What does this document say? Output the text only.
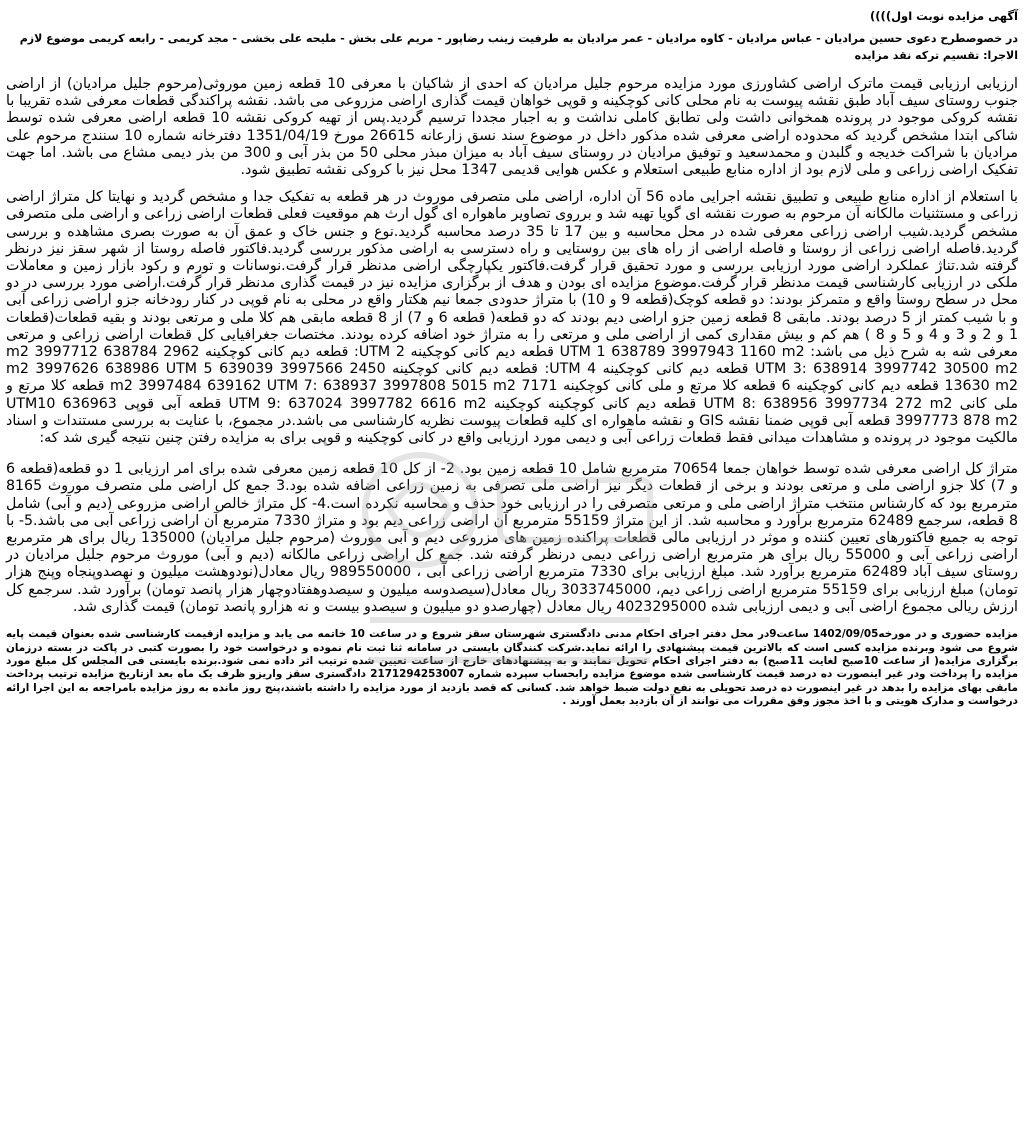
آگهی مزایده نوبت اول))))
در خصوصطرح دعوی حسین مرادیان - عباس مرادیان - کاوه مرادیان - عمر مرادیان به طرفیت زینب رضاپور - مریم علی بخش - ملیحه علی بخشی - مجد کریمی - رابعه کریمی موضوع لازم الاجرا: تقسیم ترکه نقد مزایده
ارزیابی ارزیابی قیمت ماترک اراضی کشاورزی مورد مزایده مرحوم جلیل مرادیان که احدی از شاکیان با معرفی 10 قطعه زمین موروثی(مرحوم جلیل مرادیان) از اراضی جنوب روستای سیف آباد طبق نقشه پیوست به نام محلی کانی کوچکینه و قوپی خواهان قیمت گذاری اراضی مزروعی می باشد. نقشه پراکندگی قطعات معرفی شده تقریبا با نقشه کروکی موجود در پرونده همخوانی داشت ولی تطابق کاملی نداشت و به اجبار مجددا ترسیم گردید.پس از تهیه کروکی نقشه 10 قطعه اراضی معرفی شده توسط شاکی ابتدا مشخص گردید که محدوده اراضی معرفی شده مذکور داخل در موضوع سند نسق زارعانه 26615 مورخ 1351/04/19 دفترخانه شماره 10 سنندج مرحوم علی مرادیان با شراکت خدیجه و گلبدن و محمدسعید و توفیق مرادیان در روستای سیف آباد به میزان مبذر محلی 50 من بذر آبی و 300 من بذر دیمی مشاع می باشد. اما جهت تفکیک اراضی زراعی و ملی لازم بود از اداره منابع طبیعی استعلام و عکس هوایی قدیمی 1347 محل نیز با کروکی نقشه تطبیق شود.
با استعلام از اداره منابع طبیعی و تطبیق نقشه اجرایی ماده 56 آن اداره، اراضی ملی متصرفی موروث در هر قطعه به تفکیک جدا و مشخص گردید و نهایتا کل متراژ اراضی زراعی و مستثنیات مالکانه آن مرحوم به صورت نقشه ای گویا تهیه شد و برروی تصاویر ماهواره ای گول ارث هم موقعیت فعلی قطعات اراضی زراعی و اراضی ملی متصرفی مشخص گردید.شیب اراضی زراعی معرفی شده در محل محاسبه و بین 17 تا 35 درصد محاسبه گردید.نوع و جنس خاک و عمق آن به صورت بصری مشاهده و بررسی گردید.فاصله اراضی زراعی از روستا و فاصله اراضی از راه های بین روستایی و راه دسترسی به اراضی مذکور بررسی گردید.فاکتور فاصله روستا از شهر سقز نیز درنظر گرفته شد.تناژ عملکرد اراضی مورد ارزیابی بررسی و مورد تحقیق قرار گرفت.فاکتور یکپارچگی اراضی مدنظر قرار گرفت.نوسانات و تورم و رکود بازار زمین و معاملات ملکی در ارزیابی کارشناسی قیمت مدنظر قرار گرفت.موضوع مزایده ای بودن و هدف از برگزاری مزایده نیز در قیمت گذاری مدنظر قرار گرفت.اراضی مورد بررسی در دو محل در سطح روستا واقع و متمرکز بودند: دو قطعه کوچک(قطعه 9 و 10) با متراژ حدودی جمعا نیم هکتار واقع در محلی به نام قوپی در کنار رودخانه جزو اراضی زراعی آبی و با شیب کمتر از 5 درصد بودند. مابقی 8 قطعه زمین جزو اراضی دیم بودند که دو قطعه( قطعه 6 و 7) از 8 قطعه مابقی هم کلا ملی و مرتعی بودند و بقیه قطعات(قطعات 1 و 2 و 3 و 4 و 5 و 8 ) هم کم و بیش مقداری کمی از اراضی ملی و مرتعی را به متراژ خود اضافه کرده بودند. مختصات جغرافیایی کل قطعات اراضی زراعی و مرتعی معرفی شه به شرح ذیل می باشد: UTM 1 638789 3997943 1160 m2 قطعه دیم کانی کوچکینه UTM 2: قطعه دیم کانی کوچکینه 2962 m2 3997712 638784 UTM 3: 638914 3997742 30500 m2 قطعه دیم کانی کوچکینه UTM 4: قطعه دیم کانی کوچکینه 2450 m2 3997626 638986 UTM 5 639039 3997566 13630 m2 قطعه دیم کانی کوچکینه 6 قطعه کلا مرتع و ملی کانی کوچکینه 7171 m2 3997484 639162 UTM 7: 638937 3997808 5015 m2 قطعه کلا مرتع و ملی کانی UTM 8: 638956 3997734 272 m2 قطعه دیم کانی کوچکینه کوچکینه UTM 9: 637024 3997782 6616 m2 قطعه آبی قوپی UTM10 636963 3997773 878 m2 قطعه آبی قوپی ضمنا نقشه GIS و نقشه ماهواره ای کلیه قطعات پیوست نظریه کارشناسی می باشد.در مجموع، با عنایت به بررسی مستندات و اسناد مالکیت موجود در پرونده و مشاهدات میدانی فقط قطعات زراعی آبی و دیمی مورد ارزیابی واقع در کانی کوچکینه و قوپی برای به مزایده رفتن چنین نتیجه گیری شد که:
متراژ کل اراضی معرفی شده توسط خواهان جمعا 70654 مترمربع شامل 10 قطعه زمین بود. 2- از کل 10 قطعه زمین معرفی شده برای امر ارزیابی 1 دو قطعه(قطعه 6 و 7) کلا جزو اراضی ملی و مرتعی بودند و برخی از قطعات دیگر نیز اراضی ملی تصرفی به زمین زراعی اضافه شده بود.3 جمع کل اراضی ملی متصرف موروث 8165 مترمربع بود که کارشناس منتخب متراژ اراضی ملی و مرتعی متصرفی را در ارزیابی خود حذف و محاسبه نکرده است.4- کل متراژ خالص اراضی مزروعی (دیم و آبی) شامل 8 قطعه، سرجمع 62489 مترمربع برآورد و محاسبه شد. از این متراژ 55159 مترمربع آن اراضی زراعی دیم بود و متراژ 7330 مترمربع آن اراضی زراعی آبی می باشد.5- با توجه به جمیع فاکتورهای تعیین کننده و موثر در ارزیابی مالی قطعات پراکنده زمین های مزروعی دیم و آبی موروث (مرحوم جلیل مرادیان) 135000 ریال برای هر مترمربع اراضی زراعی آبی و 55000 ریال برای هر مترمربع اراضی زراعی دیمی درنظر گرفته شد. جمع کل اراضی زراعی مالکانه (دیم و آبی) موروث مرحوم جلیل مرادیان در روستای سیف آباد 62489 مترمربع برآورد شد. مبلغ ارزیابی برای 7330 مترمربع اراضی زراعی آبی ، 989550000 ریال معادل(نودوهشت میلیون و نهصدوپنجاه وپنج هزار تومان) مبلغ ارزیابی برای 55159 مترمربع اراضی زراعی دیم، 3033745000 ریال معادل(سیصدوسه میلیون و سیصدوهفتادوچهار هزار پانصد تومان) برآورد شد. سرجمع کل ارزش ریالی مجموع اراضی آبی و دیمی ارزیابی شده 4023295000 ریال معادل (چهارصدو دو میلیون و سیصدو بیست و نه هزارو پانصد تومان) قیمت گذاری شد.
مزایده حضوری و در مورخه1402/09/05 ساعت9در محل دفتر اجرای احکام مدنی دادگستری شهرستان سقز شروع و در ساعت 10 خاتمه می یابد و مزایده ازقیمت کارشناسی شده بعنوان قیمت پایه شروع می شود وبرنده مزایده کسی است که بالاترین قیمت پیشنهادی را ارائه نماید.شرکت کنندگان بایستی در سامانه ثنا ثبت نام نموده و درخواست خود را بصورت کتبی در پاکت در بسته درزمان برگزاری مزایده( از ساعت 10صبح لغایت 11صبح) به دفتر اجرای احکام تحویل نمایند و به پیشنهادهای خارج از ساعت تعیین شده ترتیب اثر داده نمی شود.برنده بایستی فی المجلس کل مبلغ مورد مزایده را پرداخت ودر غیر اینصورت ده درصد قیمت کارشناسی شده موضوع مزایده رابحساب سپرده شماره 2171294253007 دادگستری سقز واریزو ظرف یک ماه بعد ازتاریخ مزایده ترتیب پرداخت مابقی بهای مزایده را بدهد در غیر اینصورت ده درصد تحویلی به نفع دولت ضبط خواهد شد. کسانی که قصد بازدید از مورد مزایده را داشته باشند،پنج روز مانده به روز مزایده بامراجعه به این اجرا ارائه درخواست و مدارک هویتی و با اخذ مجوز وفق مقررات می توانند از آن بازدید بعمل آورند .
